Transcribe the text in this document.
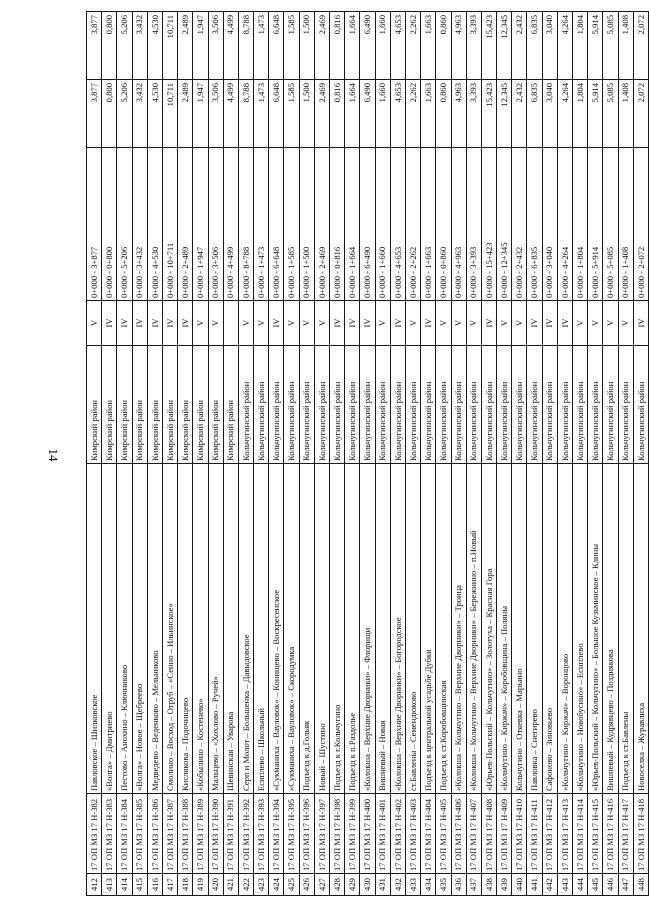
14
412	17 ОП МЗ 17 Н-382	Павловское – Шилковское	Кимрский район	V	0+000 - 3+877	3,877	3,877
413	17 ОП МЗ 17 Н-383	«Волга» – Дмитриево	Кимрский район	IV	0+000 - 0+800	0,800	0,800
414	17 ОП МЗ 17 Н-384	Пестово – Анохино – Ключниково	Кимрский район	IV	0+000 - 5+206	5,206	5,206
415	17 ОП МЗ 17 Н-385	«Волга» – Новое – Щебреево	Кимрский район	IV	0+000 - 3+432	3,432	3,432
416	17 ОП МЗ 17 Н-386	Медведево – Веденково – Мельниково	Кимрский район	IV	0+000 - 4+530	4,530	4,530
417	17 ОП МЗ 17 Н-387	Смолино – Восход – Отруб – «Сенно – Ильинское»	Кимрский район	IV	0+000 - 10+711	10,711	10,711
418	17 ОП МЗ 17 Н-388	Кислякова – Подочищево	Кимрский район	IV	0+000 - 2+489	2,489	2,489
419	17 ОП МЗ 17 Н-389	«Кобылино – Костенево»	Кимрский район	V	0+000 - 1+947	1,947	1,947
420	17 ОП МЗ 17 Н-390	Мальцево – «Хохлово – Ручей»	Кимрский район	V	0+000 - 3+506	3,506	3,506
421	17 ОП МЗ 17 Н-391	Шевинская – Уварова	Кимрский район		0+000 - 4+499	4,499	4,499
422	17 ОП МЗ 17 Н-392	Серп и Молот – Большенка – Давыдовское	Кольчугинский район	V	0+000 - 8+788	8,788	8,788
423	17 ОП МЗ 17 Н-393	Есиплево – Школьный	Кольчугинский район	V	0+000 - 1+473	1,473	1,473
424	17 ОП МЗ 17 Н-394	«Сукманиха – Вауловок» – Конищево – Воскресенское	Кольчугинский район	IV	0+000 - 6+648	6,648	6,648
425	17 ОП МЗ 17 Н-395	«Сукманиха – Вауловок» – Скородумка	Кольчугинский район	V	0+000 - 1+585	1,585	1,585
426	17 ОП МЗ 17 Н-396	Подъезд к д.Гольяк	Кольчугинский район	V	0+000 - 1+500	1,500	1,500
427	17 ОП МЗ 17 Н-397	Новый – Шустино	Кольчугинский район	V	0+000 - 2+469	2,469	2,469
428	17 ОП МЗ 17 Н-398	Подъезд к г.Кольчугино	Кольчугинский район	IV	0+000 - 0+816	0,816	0,816
429	17 ОП МЗ 17 Н-399	Подъезд к п.Раздолье	Кольчугинский район	IV	0+000 - 1+664	1,664	1,664
430	17 ОП МЗ 17 Н-400	«Колокша – Верхние Дворники» – Флорищи	Кольчугинский район	IV	0+000 - 6+490	6,490	6,490
431	17 ОП МЗ 17 Н-401	Вишневый – Новая	Кольчугинский район	V	0+000 - 1+660	1,660	1,660
432	17 ОП МЗ 17 Н-402	«Колокша – Верхние Дворники» – Богородское	Кольчугинский район	IV	0+000 - 4+653	4,653	4,653
433	17 ОП МЗ 17 Н-403	ст.Бавлены – Семендюково	Кольчугинский район	V	0+000 - 2+262	2,262	2,262
434	17 ОП МЗ 17 Н-404	Подъезд к центральной усадьбе Дубки	Кольчугинский район	IV	0+000 - 1+663	1,663	1,663
435	17 ОП МЗ 17 Н-405	Подъезд к ст.Коробовщинская	Кольчугинский район	V	0+000 - 0+860	0,860	0,860
436	17 ОП МЗ 17 Н-406	«Колокша – Кольчугино – Верхние Дворники» – Троица	Кольчугинский район	V	0+000 - 4+963	4,963	4,963
437	17 ОП МЗ 17 Н-407	«Колокша – Кольчугино – Верхние Дворники» – Бережнино – п.Новый	Кольчугинский район	V	0+000 - 3+393	3,393	3,393
438	17 ОП МЗ 17 Н-408	«Юрьев-Польский – Кольчугино» – Золотуха – Красная Гора	Кольчугинский район	IV	0+000 - 15+423	15,423	15,423
439	17 ОП МЗ 17 Н-409	«Кольчугино – Киржач» – Коробовщина – Поляны	Кольчугинский район	V	0+000 - 12+345	12,345	12,345
440	17 ОП МЗ 17 Н-410	Кольчугино – Отяевка – Марьино	Кольчугинский район	V	0+000 - 2+432	2,432	2,432
441	17 ОП МЗ 17 Н-411	Павловка – Снегирево	Кольчугинский район	IV	0+000 - 6+835	6,835	6,835
442	17 ОП МЗ 17 Н-412	Сафоново – Зиновьево	Кольчугинский район	IV	0+000 - 3+040	3,040	3,040
443	17 ОП МЗ 17 Н-413	«Кольчугино – Киржач» – Воронцово	Кольчугинский район	IV	0+000 - 4+264	4,264	4,264
444	17 ОП МЗ 17 Н-414	«Кольчугино – Новобусино» – Есиплево	Кольчугинский район	V	0+000 - 1+804	1,804	1,804
445	17 ОП МЗ 17 Н-415	«Юрьев-Польский – Кольчугино» – Большое Кузьминское – Клины	Кольчугинский район	V	0+000 - 5+914	5,914	5,914
446	17 ОП МЗ 17 Н-416	Вишневый – Кудрявцево – Позднякова	Кольчугинский район	V	0+000 - 5+085	5,085	5,085
447	17 ОП МЗ 17 Н-417	Подъезд к ст.Бавлены	Кольчугинский район	V	0+000 - 1+408	1,408	1,408
448	17 ОП МЗ 17 Н-418	Новоселка – Журавлиха	Кольчугинский район	IV	0+000 - 2+072	2,072	2,072
